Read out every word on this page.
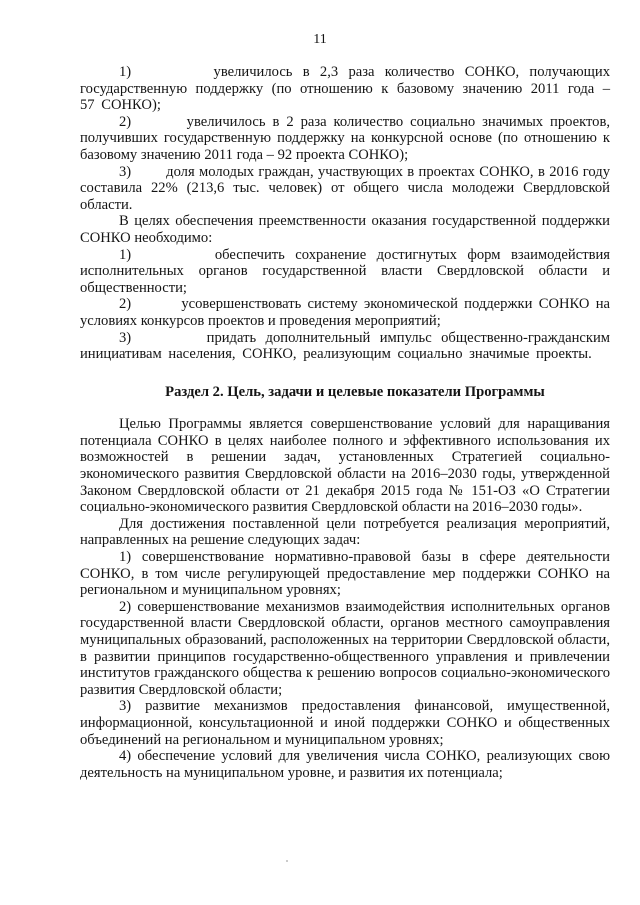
11

1)        увеличилось в 2,3 раза количество СОНКО, получающих государственную поддержку (по отношению к базовому значению 2011 года – 57 СОНКО);

2)        увеличилось в 2 раза количество социально значимых проектов, получивших государственную поддержку на конкурсной основе (по отношению к базовому значению 2011 года – 92 проекта СОНКО);

3)        доля молодых граждан, участвующих в проектах СОНКО, в 2016 году составила 22% (213,6 тыс. человек) от общего числа молодежи Свердловской области.

В целях обеспечения преемственности оказания государственной поддержки СОНКО необходимо:

1)        обеспечить сохранение достигнутых форм взаимодействия исполнительных органов государственной власти Свердловской области и общественности;

2)        усовершенствовать систему экономической поддержки СОНКО на условиях конкурсов проектов и проведения мероприятий;

3)        придать дополнительный импульс общественно-гражданским инициативам населения, СОНКО, реализующим социально значимые проекты.

Раздел 2. Цель, задачи и целевые показатели Программы

Целью Программы является совершенствование условий для наращивания потенциала СОНКО в целях наиболее полного и эффективного использования их возможностей в решении задач, установленных Стратегией социально-экономического развития Свердловской области на 2016–2030 годы, утвержденной Законом Свердловской области от 21 декабря 2015 года № 151-ОЗ «О Стратегии социально-экономического развития Свердловской области на 2016–2030 годы».

Для достижения поставленной цели потребуется реализация мероприятий, направленных на решение следующих задач:

1) совершенствование нормативно-правовой базы в сфере деятельности СОНКО, в том числе регулирующей предоставление мер поддержки СОНКО на региональном и муниципальном уровнях;

2) совершенствование механизмов взаимодействия исполнительных органов государственной власти Свердловской области, органов местного самоуправления муниципальных образований, расположенных на территории Свердловской области, в развитии принципов государственно-общественного управления и привлечении институтов гражданского общества к решению вопросов социально-экономического развития Свердловской области;

3) развитие механизмов предоставления финансовой, имущественной, информационной, консультационной и иной поддержки СОНКО и общественных объединений на региональном и муниципальном уровнях;

4) обеспечение условий для увеличения числа СОНКО, реализующих свою деятельность на муниципальном уровне, и развития их потенциала;
